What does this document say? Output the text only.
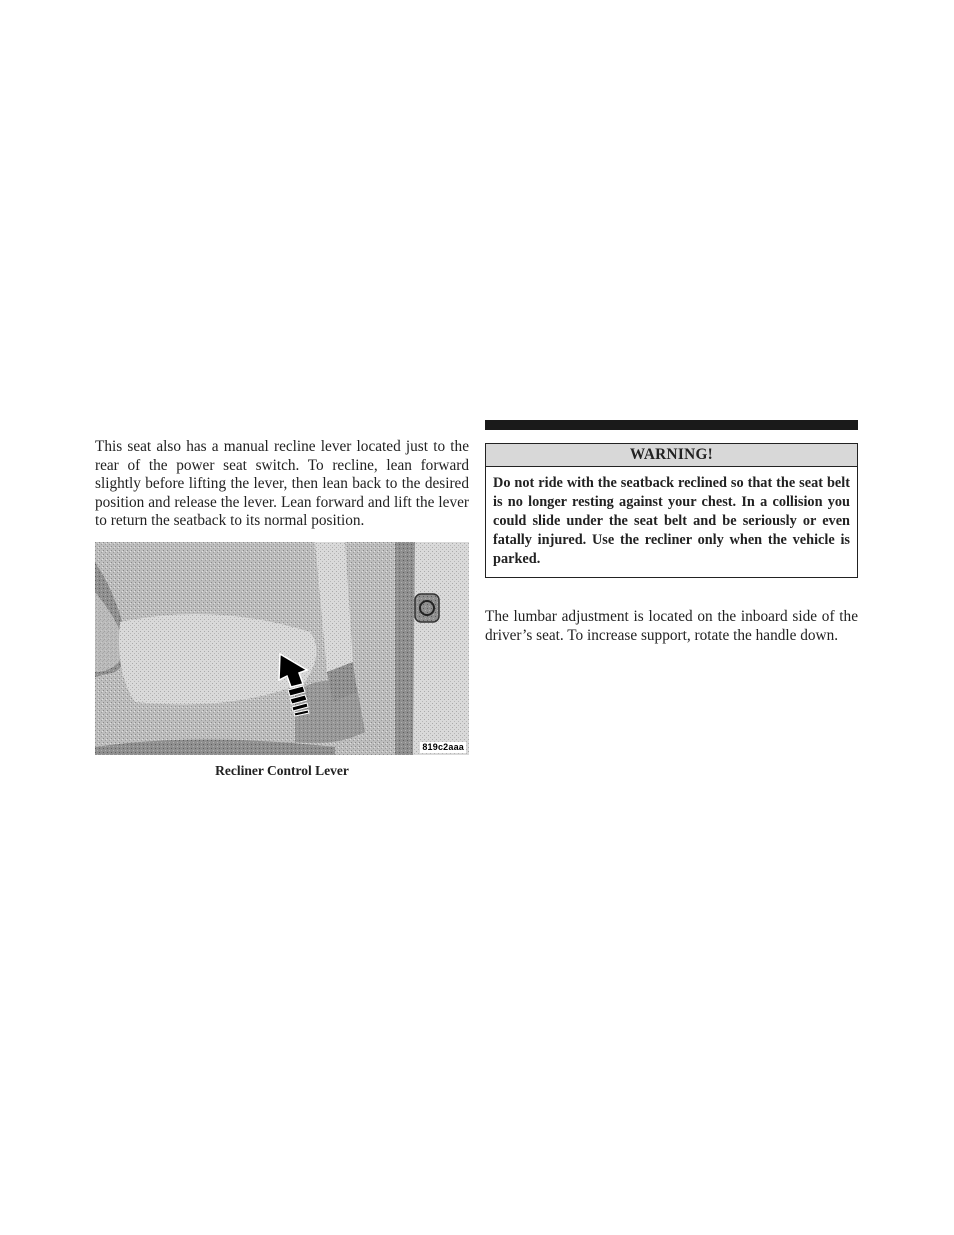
This seat also has a manual recline lever located just to the rear of the power seat switch. To recline, lean forward slightly before lifting the lever, then lean back to the desired position and release the lever. Lean forward and lift the lever to return the seatback to its normal position.

819c2aaa
Recliner Control Lever
WARNING!

Do not ride with the seatback reclined so that the seat belt is no longer resting against your chest. In a collision you could slide under the seat belt and be seriously or even fatally injured. Use the recliner only when the vehicle is parked.

The lumbar adjustment is located on the inboard side of the driver’s seat. To increase support, rotate the handle down.
